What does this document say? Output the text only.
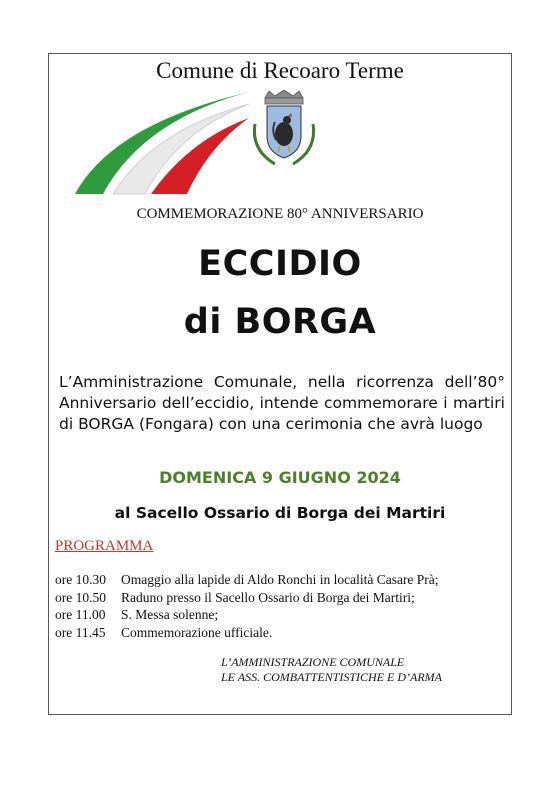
Comune di Recoaro Terme
COMMEMORAZIONE 80° ANNIVERSARIO
ECCIDIO
di BORGA
L’Amministrazione Comunale, nella ricorrenza dell’80° Anniversario dell’eccidio, intende commemorare i martiri di BORGA (Fongara) con una cerimonia che avrà luogo
DOMENICA 9 GIUGNO 2024
al Sacello Ossario di Borga dei Martiri
PROGRAMMA
ore 10.30 Omaggio alla lapide di Aldo Ronchi in località Casare Prà;
ore 10.50 Raduno presso il Sacello Ossario di Borga dei Martiri;
ore 11.00 S. Messa solenne;
ore 11.45 Commemorazione ufficiale.
L’AMMINISTRAZIONE COMUNALE
LE ASS. COMBATTENTISTICHE E D’ARMA
